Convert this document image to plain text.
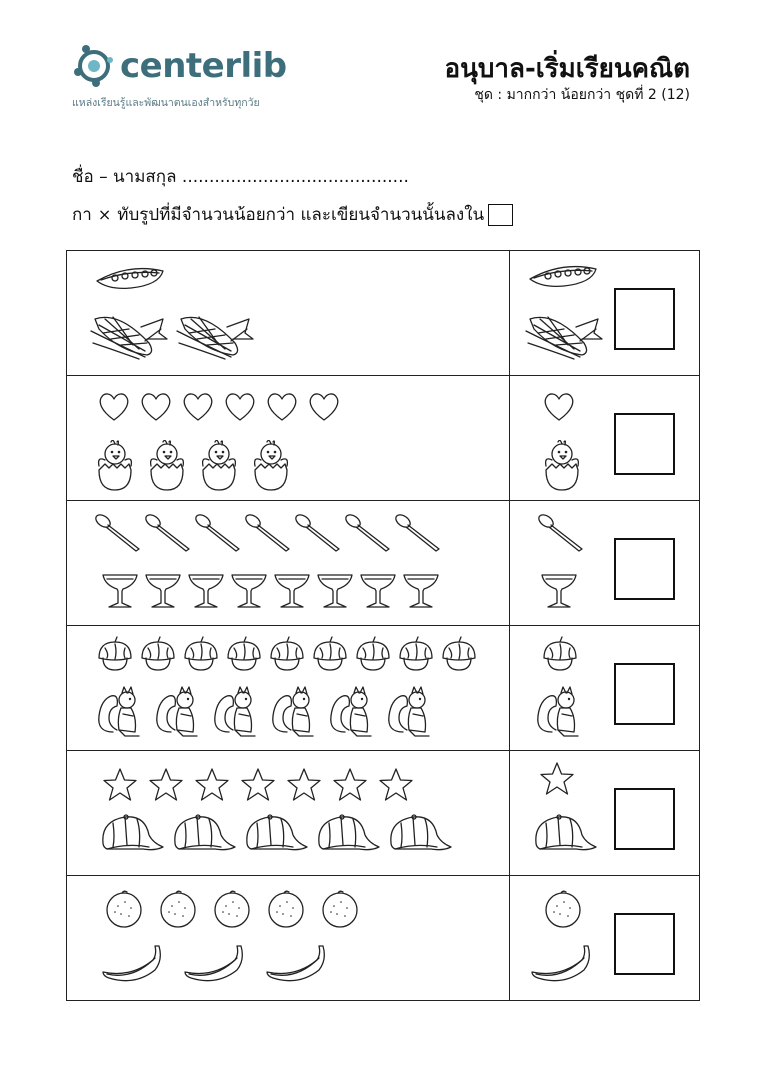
centerlib
แหล่งเรียนรู้และพัฒนาตนเองสำหรับทุกวัย
อนุบาล-เริ่มเรียนคณิต
ชุด : มากกว่า น้อยกว่า ชุดที่ 2 (12)
ชื่อ – นามสกุล ..........................................
กา × ทับรูปที่มีจำนวนน้อยกว่า และเขียนจำนวนนั้นลงใน
